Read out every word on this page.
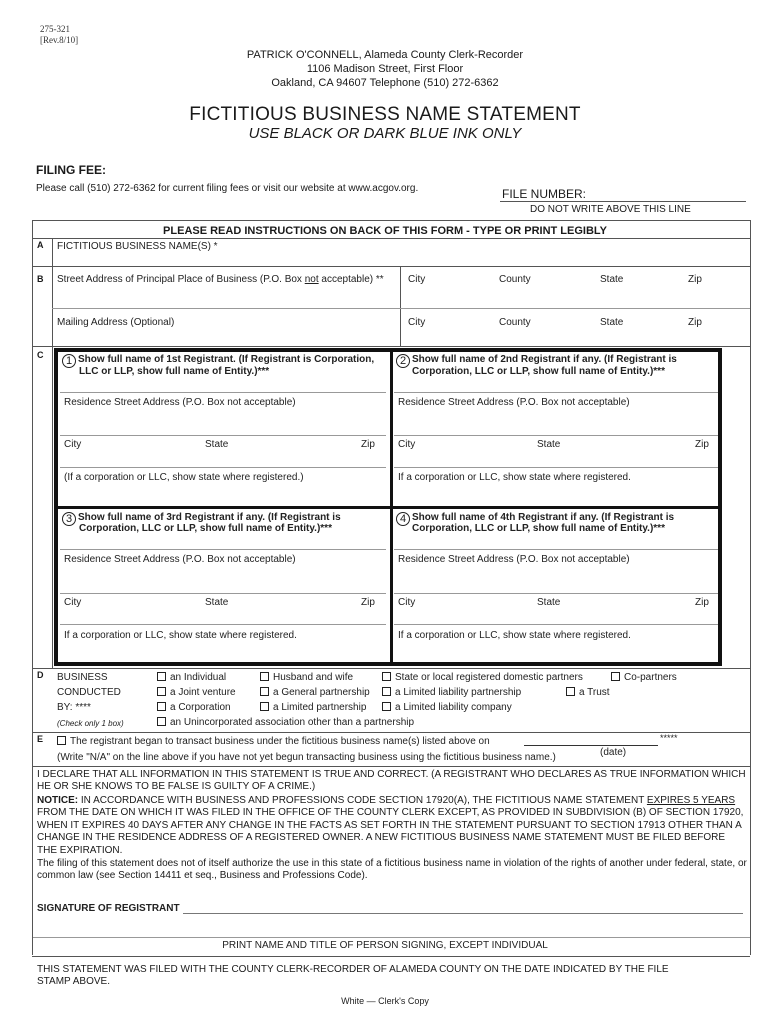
275-321
[Rev.8/10]
PATRICK O'CONNELL, Alameda County Clerk-Recorder
1106 Madison Street, First Floor
Oakland, CA 94607 Telephone (510) 272-6362
FICTITIOUS BUSINESS NAME STATEMENT
USE BLACK OR DARK BLUE INK ONLY
FILING FEE:
Please call (510) 272-6362 for current filing fees or visit our website at www.acgov.org.	FILE NUMBER:
DO NOT WRITE ABOVE THIS LINE
PLEASE READ INSTRUCTIONS ON BACK OF THIS FORM - TYPE OR PRINT LEGIBLY
A FICTITIOUS BUSINESS NAME(S) *
B Street Address of Principal Place of Business (P.O. Box not acceptable) ** City	County	State	Zip
Mailing Address (Optional)	City	County	State	Zip
C	1 Show full name of 1st Registrant. (If Registrant is Corporation,
LLC or LLP, show full name of Entity.)***
Residence Street Address (P.O. Box not acceptable)
City	State	Zip
(If a corporation or LLC, show state where registered.)
2 Show full name of 2nd Registrant if any. (If Registrant is
Corporation, LLC or LLP, show full name of Entity.)***
Residence Street Address (P.O. Box not acceptable)
City	State	Zip
If a corporation or LLC, show state where registered.
3 Show full name of 3rd Registrant if any. (If Registrant is
Corporation, LLC or LLP, show full name of Entity.)***
Residence Street Address (P.O. Box not acceptable)
City	State	Zip
If a corporation or LLC, show state where registered.
4 Show full name of 4th Registrant if any. (If Registrant is
Corporation, LLC or LLP, show full name of Entity.)***
Residence Street Address (P.O. Box not acceptable)
City	State	Zip
If a corporation or LLC, show state where registered.
D BUSINESS
CONDUCTED
BY: ****
(Check only 1 box)
an Individual	Husband and wife	State or local registered domestic partners	Co-partners
a Joint venture	a General partnership	a Limited liability partnership	a Trust
a Corporation	a Limited partnership	a Limited liability company
an Unincorporated association other than a partnership
E	The registrant began to transact business under the fictitious business name(s) listed above on	*****
(date)
(Write "N/A" on the line above if you have not yet begun transacting business using the fictitious business name.)
I DECLARE THAT ALL INFORMATION IN THIS STATEMENT IS TRUE AND CORRECT. (A REGISTRANT WHO DECLARES AS TRUE INFORMATION WHICH HE OR SHE KNOWS TO BE FALSE IS GUILTY OF A CRIME.)
NOTICE: IN ACCORDANCE WITH BUSINESS AND PROFESSIONS CODE SECTION 17920(A), THE FICTITIOUS NAME STATEMENT EXPIRES 5 YEARS FROM THE DATE ON WHICH IT WAS FILED IN THE OFFICE OF THE COUNTY CLERK EXCEPT, AS PROVIDED IN SUBDIVISION (B) OF SECTION 17920, WHEN IT EXPIRES 40 DAYS AFTER ANY CHANGE IN THE FACTS AS SET FORTH IN THE STATEMENT PURSUANT TO SECTION 17913 OTHER THAN A CHANGE IN THE RESIDENCE ADDRESS OF A REGISTERED OWNER. A NEW FICTITIOUS BUSINESS NAME STATEMENT MUST BE FILED BEFORE THE EXPIRATION.
The filing of this statement does not of itself authorize the use in this state of a fictitious business name in violation of the rights of another under federal, state, or common law (see Section 14411 et seq., Business and Professions Code).
SIGNATURE OF REGISTRANT
PRINT NAME AND TITLE OF PERSON SIGNING, EXCEPT INDIVIDUAL
THIS STATEMENT WAS FILED WITH THE COUNTY CLERK-RECORDER OF ALAMEDA COUNTY ON THE DATE INDICATED BY THE FILE STAMP ABOVE.
White — Clerk's Copy
